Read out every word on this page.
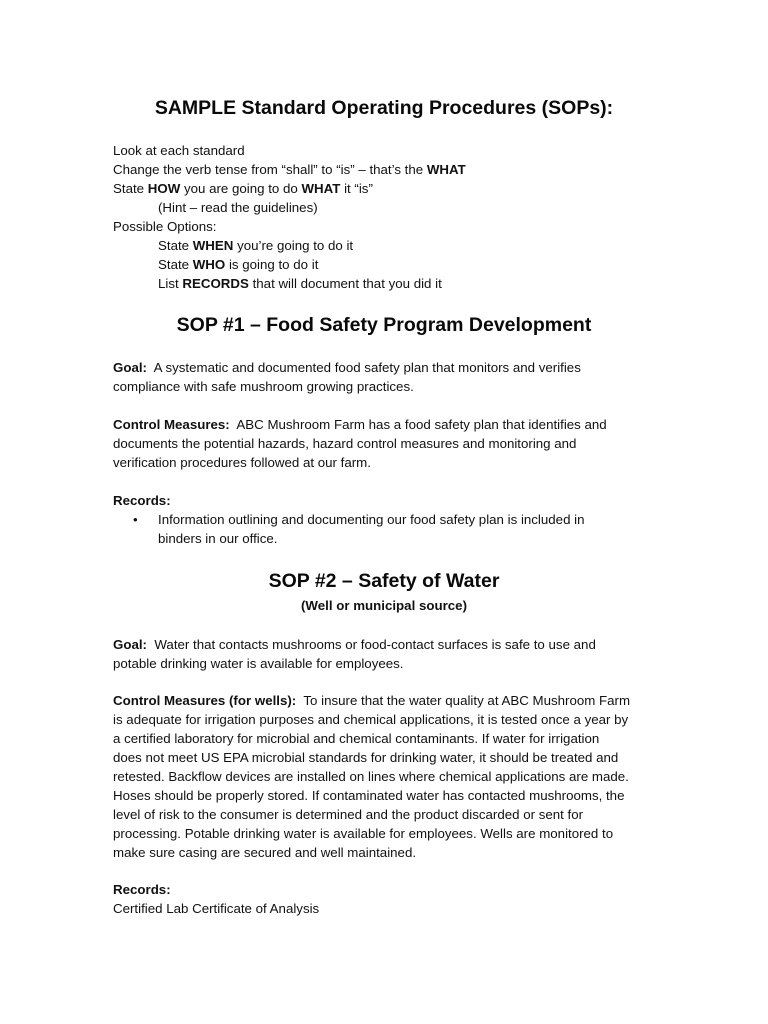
SAMPLE Standard Operating Procedures (SOPs):
Look at each standard
Change the verb tense from “shall” to “is” – that’s the WHAT
State HOW you are going to do WHAT it “is”
(Hint – read the guidelines)
Possible Options:
State WHEN you’re going to do it
State WHO is going to do it
List RECORDS that will document that you did it
SOP #1 – Food Safety Program Development
Goal:  A systematic and documented food safety plan that monitors and verifies
compliance with safe mushroom growing practices.
Control Measures:  ABC Mushroom Farm has a food safety plan that identifies and
documents the potential hazards, hazard control measures and monitoring and
verification procedures followed at our farm.
Records:
• Information outlining and documenting our food safety plan is included in
binders in our office.
SOP #2 – Safety of Water
(Well or municipal source)
Goal:  Water that contacts mushrooms or food-contact surfaces is safe to use and
potable drinking water is available for employees.
Control Measures (for wells):  To insure that the water quality at ABC Mushroom Farm
is adequate for irrigation purposes and chemical applications, it is tested once a year by
a certified laboratory for microbial and chemical contaminants. If water for irrigation
does not meet US EPA microbial standards for drinking water, it should be treated and
retested. Backflow devices are installed on lines where chemical applications are made.
Hoses should be properly stored. If contaminated water has contacted mushrooms, the
level of risk to the consumer is determined and the product discarded or sent for
processing. Potable drinking water is available for employees. Wells are monitored to
make sure casing are secured and well maintained.
Records:
Certified Lab Certificate of Analysis
